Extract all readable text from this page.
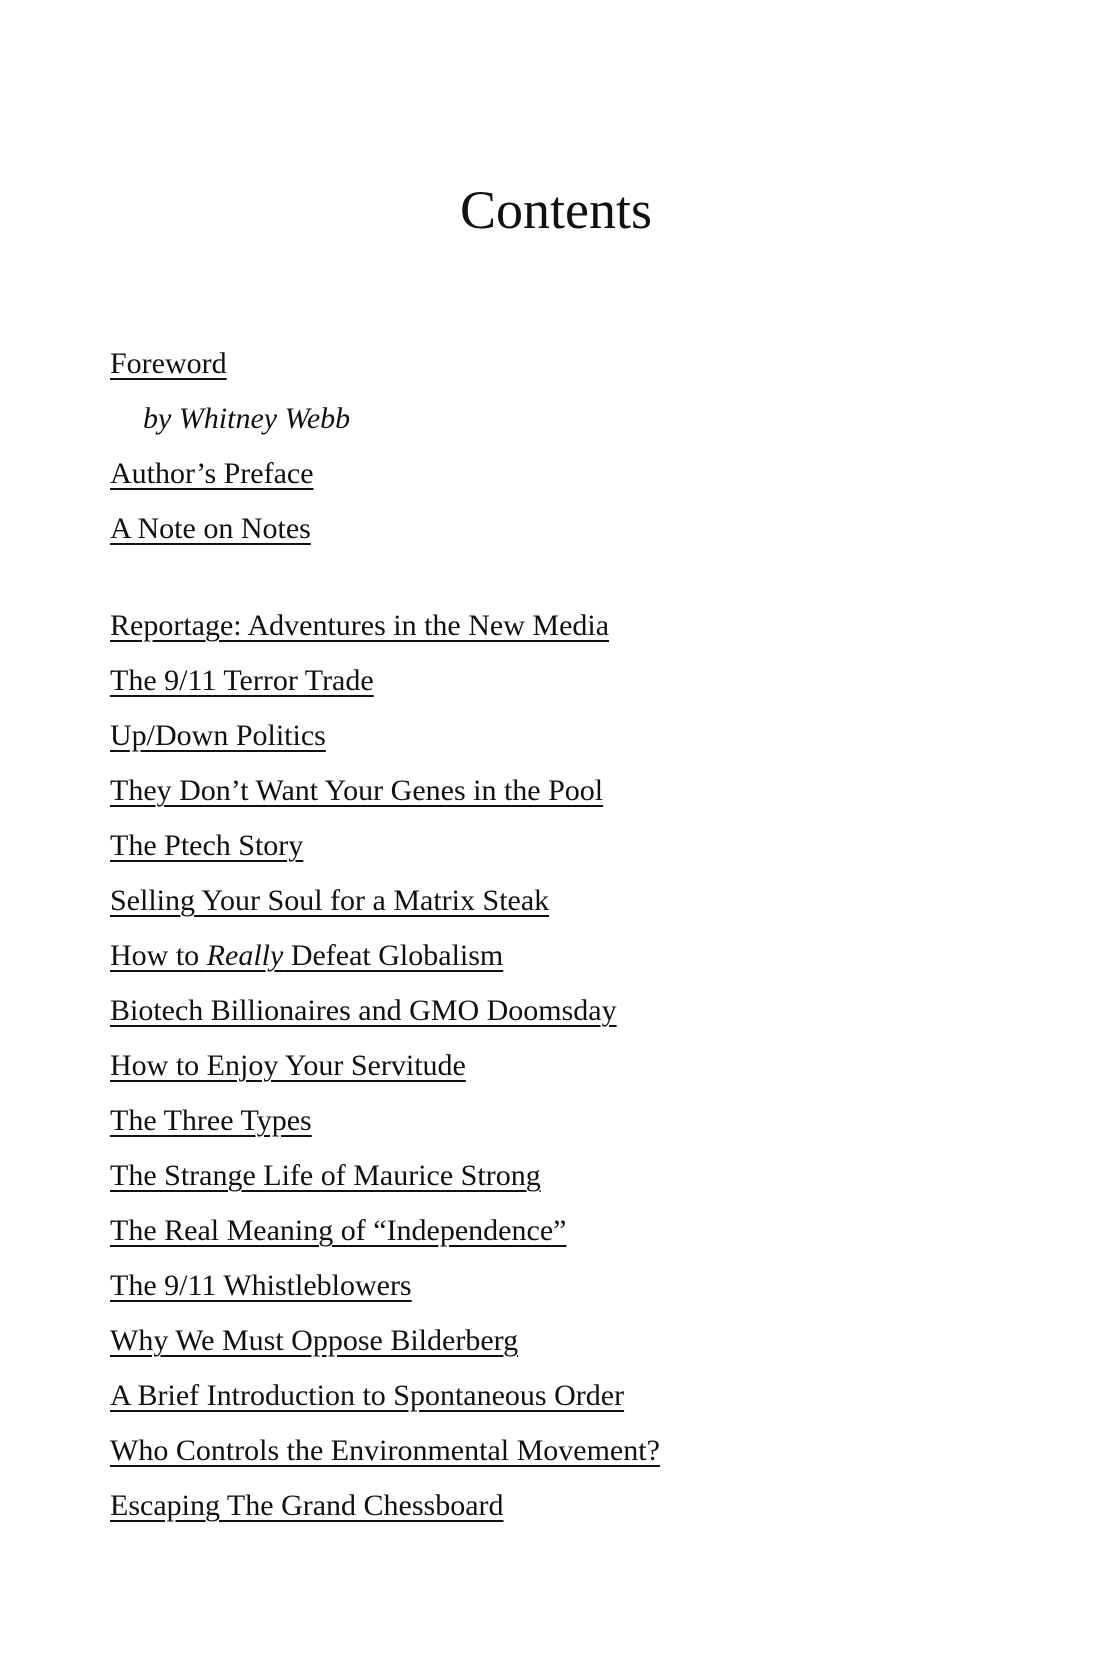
Contents
Foreword
by Whitney Webb
Author’s Preface
A Note on Notes
Reportage: Adventures in the New Media
The 9/11 Terror Trade
Up/Down Politics
They Don’t Want Your Genes in the Pool
The Ptech Story
Selling Your Soul for a Matrix Steak
How to Really Defeat Globalism
Biotech Billionaires and GMO Doomsday
How to Enjoy Your Servitude
The Three Types
The Strange Life of Maurice Strong
The Real Meaning of “Independence”
The 9/11 Whistleblowers
Why We Must Oppose Bilderberg
A Brief Introduction to Spontaneous Order
Who Controls the Environmental Movement?
Escaping The Grand Chessboard
